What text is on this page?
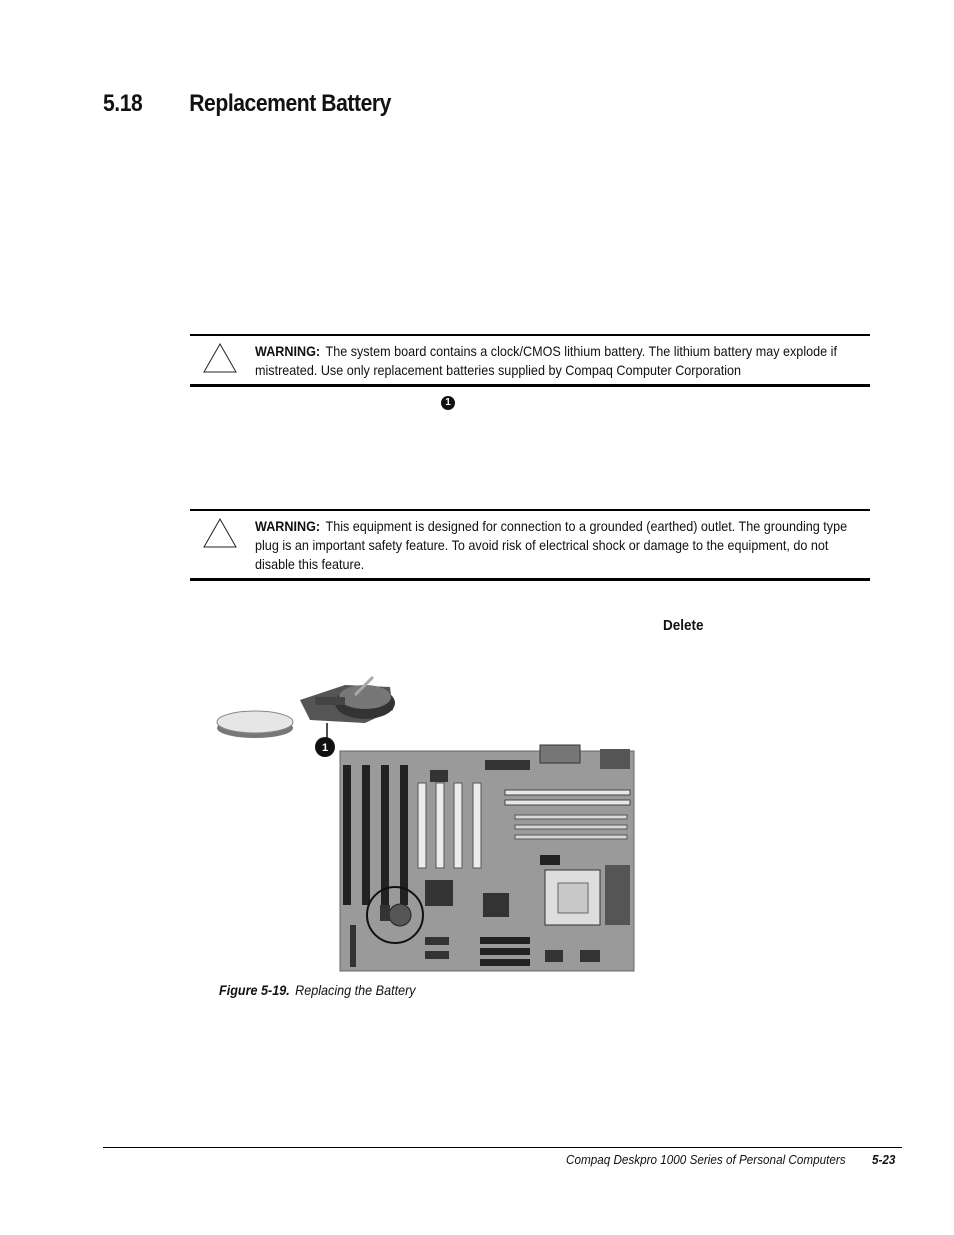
5.18 Replacement Battery
WARNING: The system board contains a clock/CMOS lithium battery. The lithium battery may explode if mistreated. Use only replacement batteries supplied by Compaq Computer Corporation
1
WARNING: This equipment is designed for connection to a grounded (earthed) outlet. The grounding type plug is an important safety feature. To avoid risk of electrical shock or damage to the equipment, do not disable this feature.
Delete
1
Figure 5-19. Replacing the Battery
Compaq Deskpro 1000 Series of Personal Computers 5-23
